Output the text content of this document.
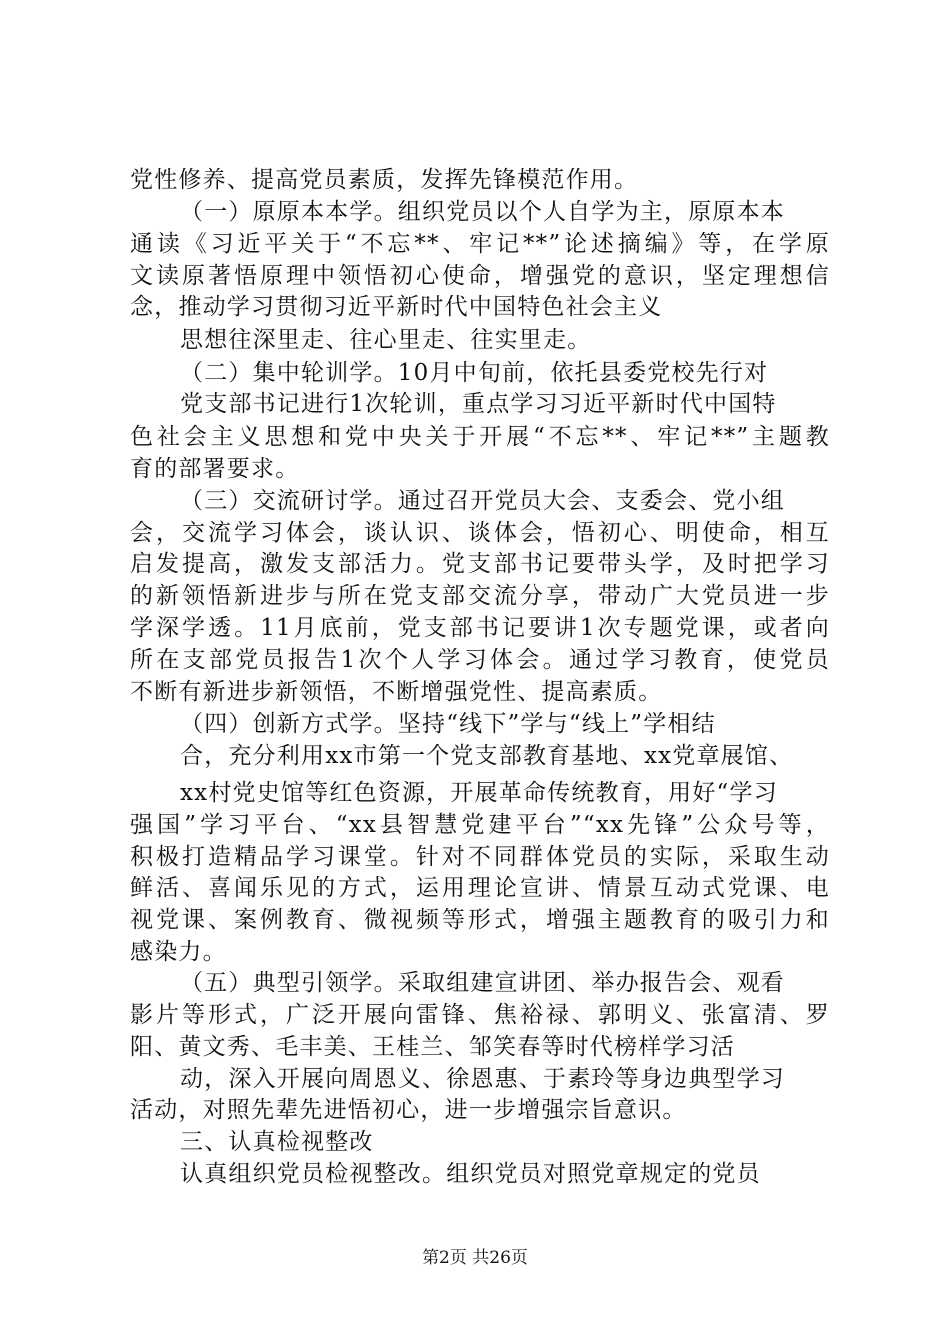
党性修养、提高党员素质，发挥先锋模范作用。
（一）原原本本学。组织党员以个人自学为主，原原本本
通读《习近平关于“不忘**、牢记**”论述摘编》等，在学原
文读原著悟原理中领悟初心使命，增强党的意识，坚定理想信
念，推动学习贯彻习近平新时代中国特色社会主义
思想往深里走、往心里走、往实里走。
（二）集中轮训学。10月中旬前，依托县委党校先行对
党支部书记进行1次轮训，重点学习习近平新时代中国特
色社会主义思想和党中央关于开展“不忘**、牢记**”主题教
育的部署要求。
（三）交流研讨学。通过召开党员大会、支委会、党小组
会，交流学习体会，谈认识、谈体会，悟初心、明使命，相互
启发提高，激发支部活力。党支部书记要带头学，及时把学习
的新领悟新进步与所在党支部交流分享，带动广大党员进一步
学深学透。11月底前，党支部书记要讲1次专题党课，或者向
所在支部党员报告1次个人学习体会。通过学习教育，使党员
不断有新进步新领悟，不断增强党性、提高素质。
（四）创新方式学。坚持“线下”学与“线上”学相结
合，充分利用xx市第一个党支部教育基地、xx党章展馆、
xx村党史馆等红色资源，开展革命传统教育，用好“学习
强国”学习平台、“xx县智慧党建平台”“xx先锋”公众号等，
积极打造精品学习课堂。针对不同群体党员的实际，采取生动
鲜活、喜闻乐见的方式，运用理论宣讲、情景互动式党课、电
视党课、案例教育、微视频等形式，增强主题教育的吸引力和
感染力。
（五）典型引领学。采取组建宣讲团、举办报告会、观看
影片等形式，广泛开展向雷锋、焦裕禄、郭明义、张富清、罗
阳、黄文秀、毛丰美、王桂兰、邹笑春等时代榜样学习活
动，深入开展向周恩义、徐恩惠、于素玲等身边典型学习
活动，对照先辈先进悟初心，进一步增强宗旨意识。
第2页 共26页
三、认真检视整改
认真组织党员检视整改。组织党员对照党章规定的党员
